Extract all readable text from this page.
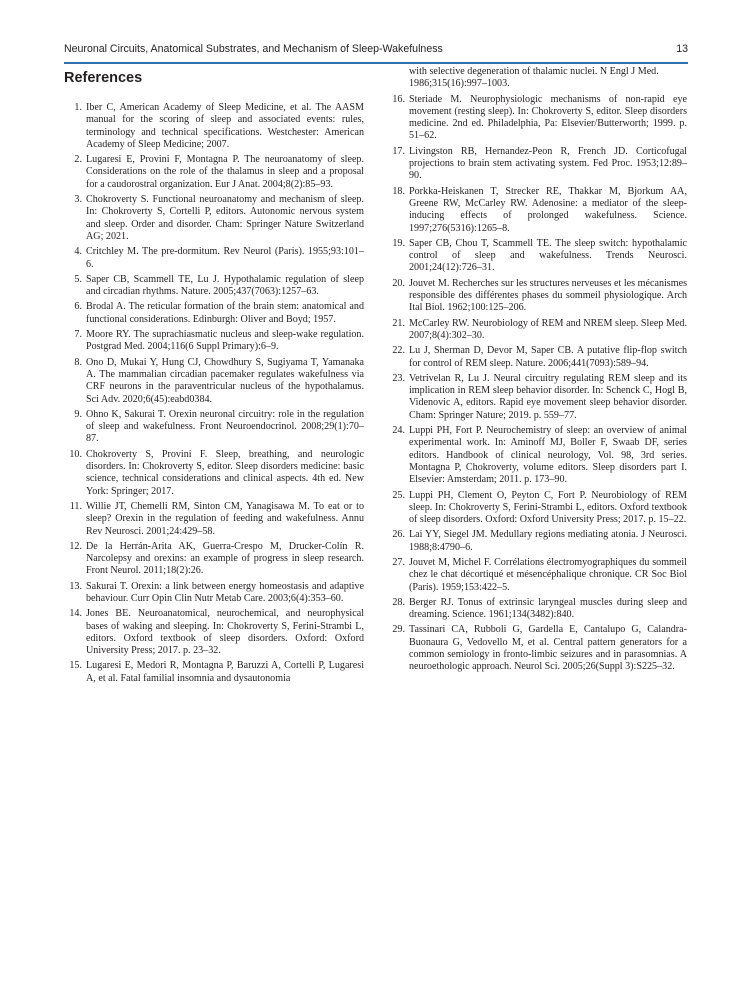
Neuronal Circuits, Anatomical Substrates, and Mechanism of Sleep-Wakefulness	13
References
1. Iber C, American Academy of Sleep Medicine, et al. The AASM manual for the scoring of sleep and associated events: rules, terminology and technical specifications. Westchester: American Academy of Sleep Medicine; 2007.
2. Lugaresi E, Provini F, Montagna P. The neuroanatomy of sleep. Considerations on the role of the thalamus in sleep and a proposal for a caudorostral organization. Eur J Anat. 2004;8(2):85–93.
3. Chokroverty S. Functional neuroanatomy and mechanism of sleep. In: Chokroverty S, Cortelli P, editors. Autonomic nervous system and sleep. Order and disorder. Cham: Springer Nature Switzerland AG; 2021.
4. Critchley M. The pre-dormitum. Rev Neurol (Paris). 1955;93:101–6.
5. Saper CB, Scammell TE, Lu J. Hypothalamic regulation of sleep and circadian rhythms. Nature. 2005;437(7063):1257–63.
6. Brodal A. The reticular formation of the brain stem: anatomical and functional considerations. Edinburgh: Oliver and Boyd; 1957.
7. Moore RY. The suprachiasmatic nucleus and sleep-wake regulation. Postgrad Med. 2004;116(6 Suppl Primary):6–9.
8. Ono D, Mukai Y, Hung CJ, Chowdhury S, Sugiyama T, Yamanaka A. The mammalian circadian pacemaker regulates wakefulness via CRF neurons in the paraventricular nucleus of the hypothalamus. Sci Adv. 2020;6(45):eabd0384.
9. Ohno K, Sakurai T. Orexin neuronal circuitry: role in the regulation of sleep and wakefulness. Front Neuroendocrinol. 2008;29(1):70–87.
10. Chokroverty S, Provini F. Sleep, breathing, and neurologic disorders. In: Chokroverty S, editor. Sleep disorders medicine: basic science, technical considerations and clinical aspects. 4th ed. New York: Springer; 2017.
11. Willie JT, Chemelli RM, Sinton CM, Yanagisawa M. To eat or to sleep? Orexin in the regulation of feeding and wakefulness. Annu Rev Neurosci. 2001;24:429–58.
12. De la Herrán-Arita AK, Guerra-Crespo M, Drucker-Colín R. Narcolepsy and orexins: an example of progress in sleep research. Front Neurol. 2011;18(2):26.
13. Sakurai T. Orexin: a link between energy homeostasis and adaptive behaviour. Curr Opin Clin Nutr Metab Care. 2003;6(4):353–60.
14. Jones BE. Neuroanatomical, neurochemical, and neurophysical bases of waking and sleeping. In: Chokroverty S, Ferini-Strambi L, editors. Oxford textbook of sleep disorders. Oxford: Oxford University Press; 2017. p. 23–32.
15. Lugaresi E, Medori R, Montagna P, Baruzzi A, Cortelli P, Lugaresi A, et al. Fatal familial insomnia and dysautonomia
with selective degeneration of thalamic nuclei. N Engl J Med. 1986;315(16):997–1003.
16. Steriade M. Neurophysiologic mechanisms of non-rapid eye movement (resting sleep). In: Chokroverty S, editor. Sleep disorders medicine. 2nd ed. Philadelphia, Pa: Elsevier/Butterworth; 1999. p. 51–62.
17. Livingston RB, Hernandez-Peon R, French JD. Corticofugal projections to brain stem activating system. Fed Proc. 1953;12:89–90.
18. Porkka-Heiskanen T, Strecker RE, Thakkar M, Bjorkum AA, Greene RW, McCarley RW. Adenosine: a mediator of the sleep-inducing effects of prolonged wakefulness. Science. 1997;276(5316):1265–8.
19. Saper CB, Chou T, Scammell TE. The sleep switch: hypothalamic control of sleep and wakefulness. Trends Neurosci. 2001;24(12):726–31.
20. Jouvet M. Recherches sur les structures nerveuses et les mécanismes responsible des différentes phases du sommeil physiologique. Arch Ital Biol. 1962;100:125–206.
21. McCarley RW. Neurobiology of REM and NREM sleep. Sleep Med. 2007;8(4):302–30.
22. Lu J, Sherman D, Devor M, Saper CB. A putative flip-flop switch for control of REM sleep. Nature. 2006;441(7093):589–94.
23. Vetrivelan R, Lu J. Neural circuitry regulating REM sleep and its implication in REM sleep behavior disorder. In: Schenck C, Hogl B, Videnovic A, editors. Rapid eye movement sleep behavior disorder. Cham: Springer Nature; 2019. p. 559–77.
24. Luppi PH, Fort P. Neurochemistry of sleep: an overview of animal experimental work. In: Aminoff MJ, Boller F, Swaab DF, series editors. Handbook of clinical neurology, Vol. 98, 3rd series. Montagna P, Chokroverty, volume editors. Sleep disorders part I. Elsevier: Amsterdam; 2011. p. 173–90.
25. Luppi PH, Clement O, Peyton C, Fort P. Neurobiology of REM sleep. In: Chokroverty S, Ferini-Strambi L, editors. Oxford textbook of sleep disorders. Oxford: Oxford University Press; 2017. p. 15–22.
26. Lai YY, Siegel JM. Medullary regions mediating atonia. J Neurosci. 1988;8:4790–6.
27. Jouvet M, Michel F. Corrélations électromyographiques du sommeil chez le chat décortiqué et mésencéphalique chronique. CR Soc Biol (Paris). 1959;153:422–5.
28. Berger RJ. Tonus of extrinsic laryngeal muscles during sleep and dreaming. Science. 1961;134(3482):840.
29. Tassinari CA, Rubboli G, Gardella E, Cantalupo G, Calandra-Buonaura G, Vedovello M, et al. Central pattern generators for a common semiology in fronto-limbic seizures and in parasomnias. A neuroethologic approach. Neurol Sci. 2005;26(Suppl 3):S225–32.
